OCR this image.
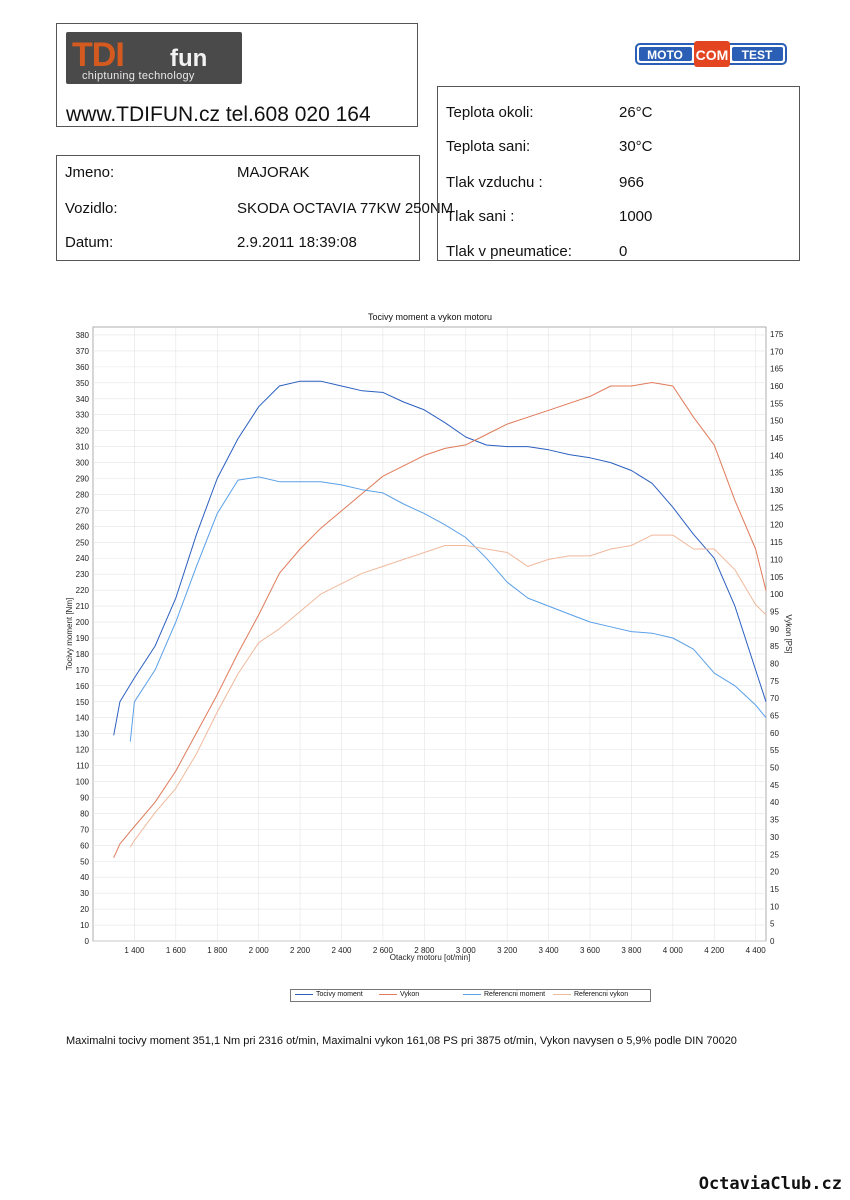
TDI fun
chiptuning technology
www.TDIFUN.cz tel.608 020 164
MOTO COM TEST
Jmeno:	MAJORAK
Vozidlo:	SKODA OCTAVIA 77KW 250NM
Datum:	2.9.2011 18:39:08
Teplota okoli:	26°C
Teplota sani:	30°C
Tlak vzduchu :	966
Tlak sani :	1000
Tlak v pneumatice:	0
Tocivy moment a vykon motoru
0
10
20
30
40
50
60
70
80
90
100
110
120
130
140
150
160
170
180
190
200
210
220
230
240
250
260
270
280
290
300
310
320
330
340
350
360
370
380
0
5
10
15
20
25
30
35
40
45
50
55
60
65
70
75
80
85
90
95
100
105
110
115
120
125
130
135
140
145
150
155
160
165
170
175
1 400	1 600	1 800	2 000	2 200	2 400	2 600	2 800	3 000	3 200	3 400	3 600	3 800	4 000	4 200	4 400
Otacky motoru [ot/min]
Tocivy moment [Nm]	Vykon [PS]
Tocivy moment	Vykon	Referencni moment	Referencni vykon
Maximalni tocivy moment 351,1 Nm pri 2316 ot/min, Maximalni vykon 161,08 PS pri 3875 ot/min, Vykon navysen o 5,9% podle DIN 70020
OctaviaClub.cz
